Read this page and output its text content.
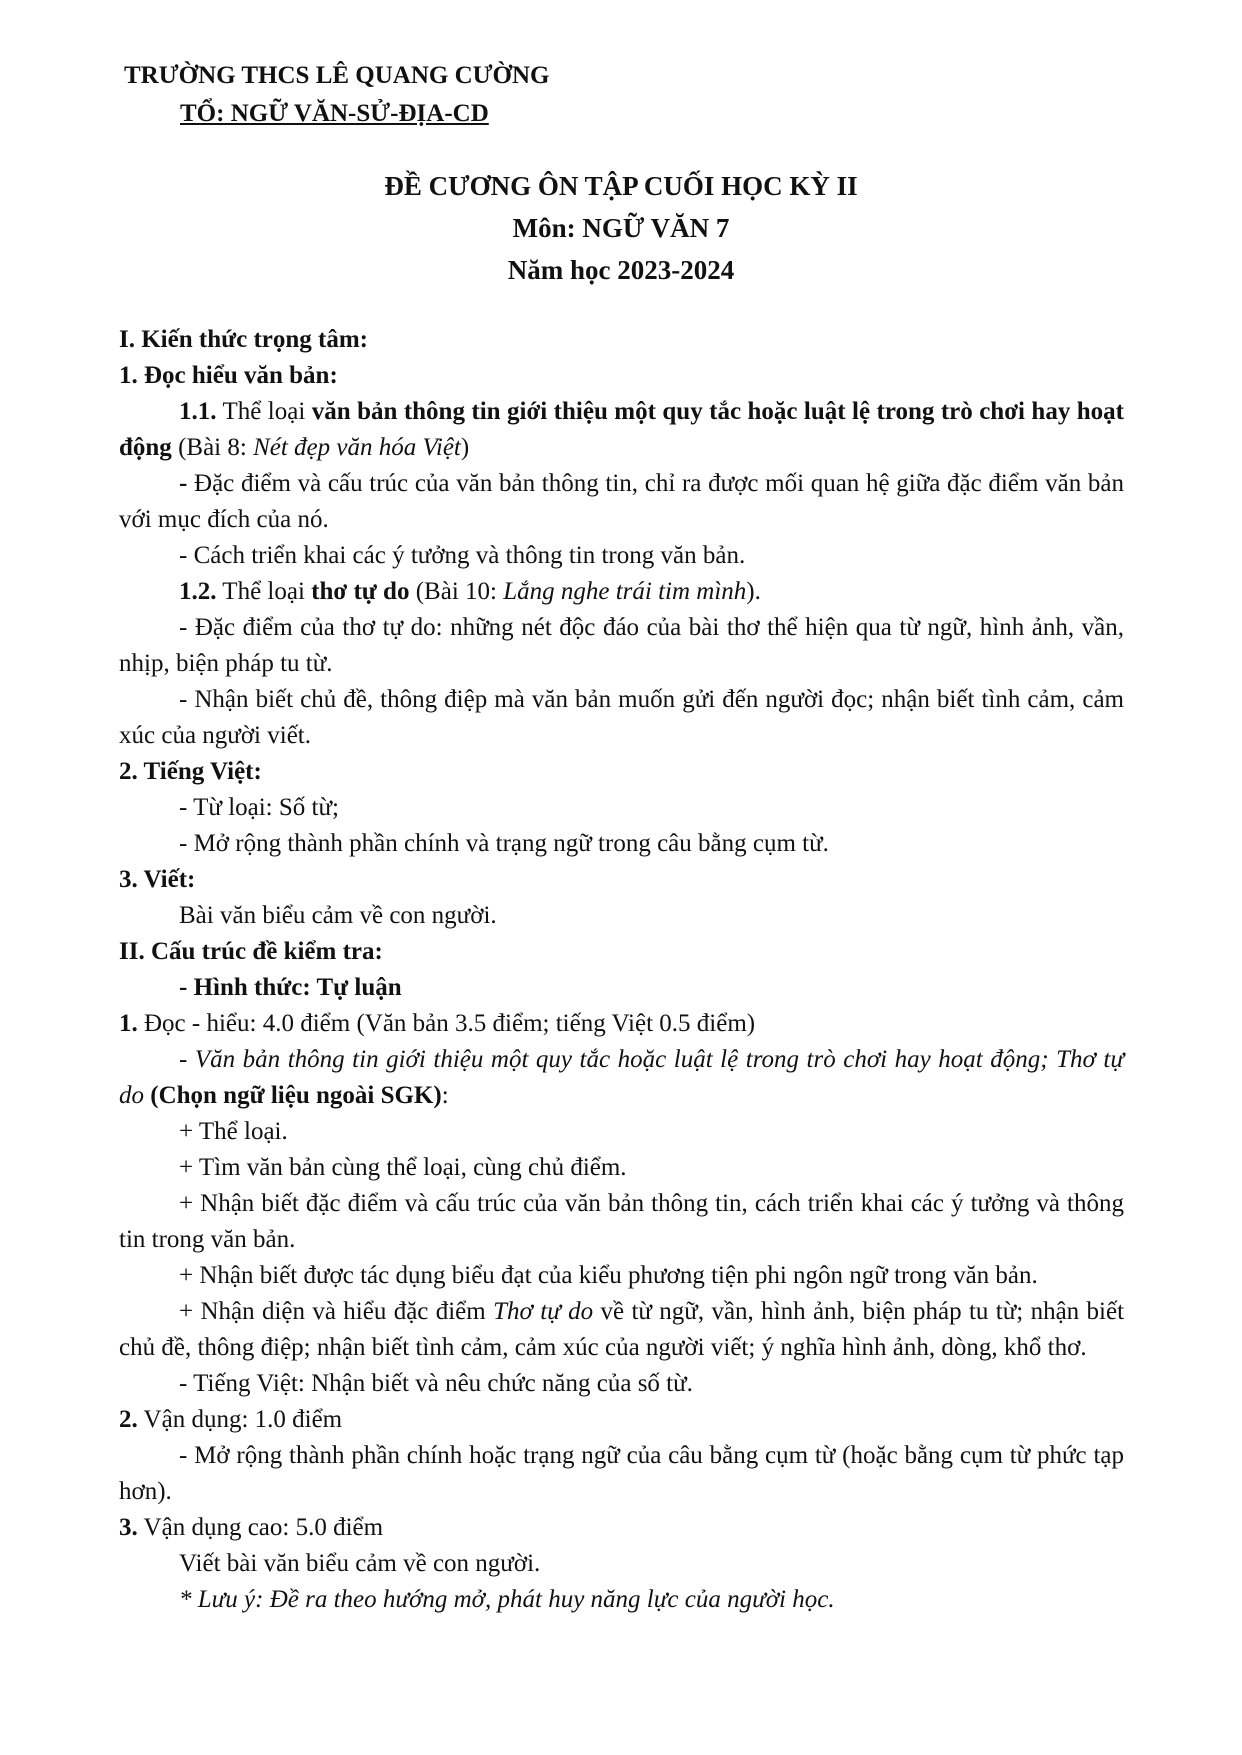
TRƯỜNG THCS LÊ QUANG CƯỜNG
TỔ: NGỮ VĂN-SỬ-ĐỊA-CD
ĐỀ CƯƠNG ÔN TẬP CUỐI HỌC KỲ II
Môn: NGỮ VĂN 7
Năm học 2023-2024

I. Kiến thức trọng tâm:

1. Đọc hiểu văn bản:

1.1. Thể loại văn bản thông tin giới thiệu một quy tắc hoặc luật lệ trong trò chơi hay hoạt động (Bài 8: Nét đẹp văn hóa Việt)

- Đặc điểm và cấu trúc của văn bản thông tin, chỉ ra được mối quan hệ giữa đặc điểm văn bản với mục đích của nó.

- Cách triển khai các ý tưởng và thông tin trong văn bản.

1.2. Thể loại thơ tự do (Bài 10: Lắng nghe trái tim mình).

- Đặc điểm của thơ tự do: những nét độc đáo của bài thơ thể hiện qua từ ngữ, hình ảnh, vần, nhịp, biện pháp tu từ.

- Nhận biết chủ đề, thông điệp mà văn bản muốn gửi đến người đọc; nhận biết tình cảm, cảm xúc của người viết.

2. Tiếng Việt:

- Từ loại: Số từ;

- Mở rộng thành phần chính và trạng ngữ trong câu bằng cụm từ.

3. Viết:

Bài văn biểu cảm về con người.

II. Cấu trúc đề kiểm tra:

- Hình thức: Tự luận

1. Đọc - hiểu: 4.0 điểm (Văn bản 3.5 điểm; tiếng Việt 0.5 điểm)

- Văn bản thông tin giới thiệu một quy tắc hoặc luật lệ trong trò chơi hay hoạt động; Thơ tự do (Chọn ngữ liệu ngoài SGK):

+ Thể loại.

+ Tìm văn bản cùng thể loại, cùng chủ điểm.

+ Nhận biết đặc điểm và cấu trúc của văn bản thông tin, cách triển khai các ý tưởng và thông tin trong văn bản.

+ Nhận biết được tác dụng biểu đạt của kiểu phương tiện phi ngôn ngữ trong văn bản.

+ Nhận diện và hiểu đặc điểm Thơ tự do về từ ngữ, vần, hình ảnh, biện pháp tu từ; nhận biết chủ đề, thông điệp; nhận biết tình cảm, cảm xúc của người viết; ý nghĩa hình ảnh, dòng, khổ thơ.

- Tiếng Việt: Nhận biết và nêu chức năng của số từ.

2. Vận dụng: 1.0 điểm

- Mở rộng thành phần chính hoặc trạng ngữ của câu bằng cụm từ (hoặc bằng cụm từ phức tạp hơn).

3. Vận dụng cao: 5.0 điểm

Viết bài văn biểu cảm về con người.

* Lưu ý: Đề ra theo hướng mở, phát huy năng lực của người học.
